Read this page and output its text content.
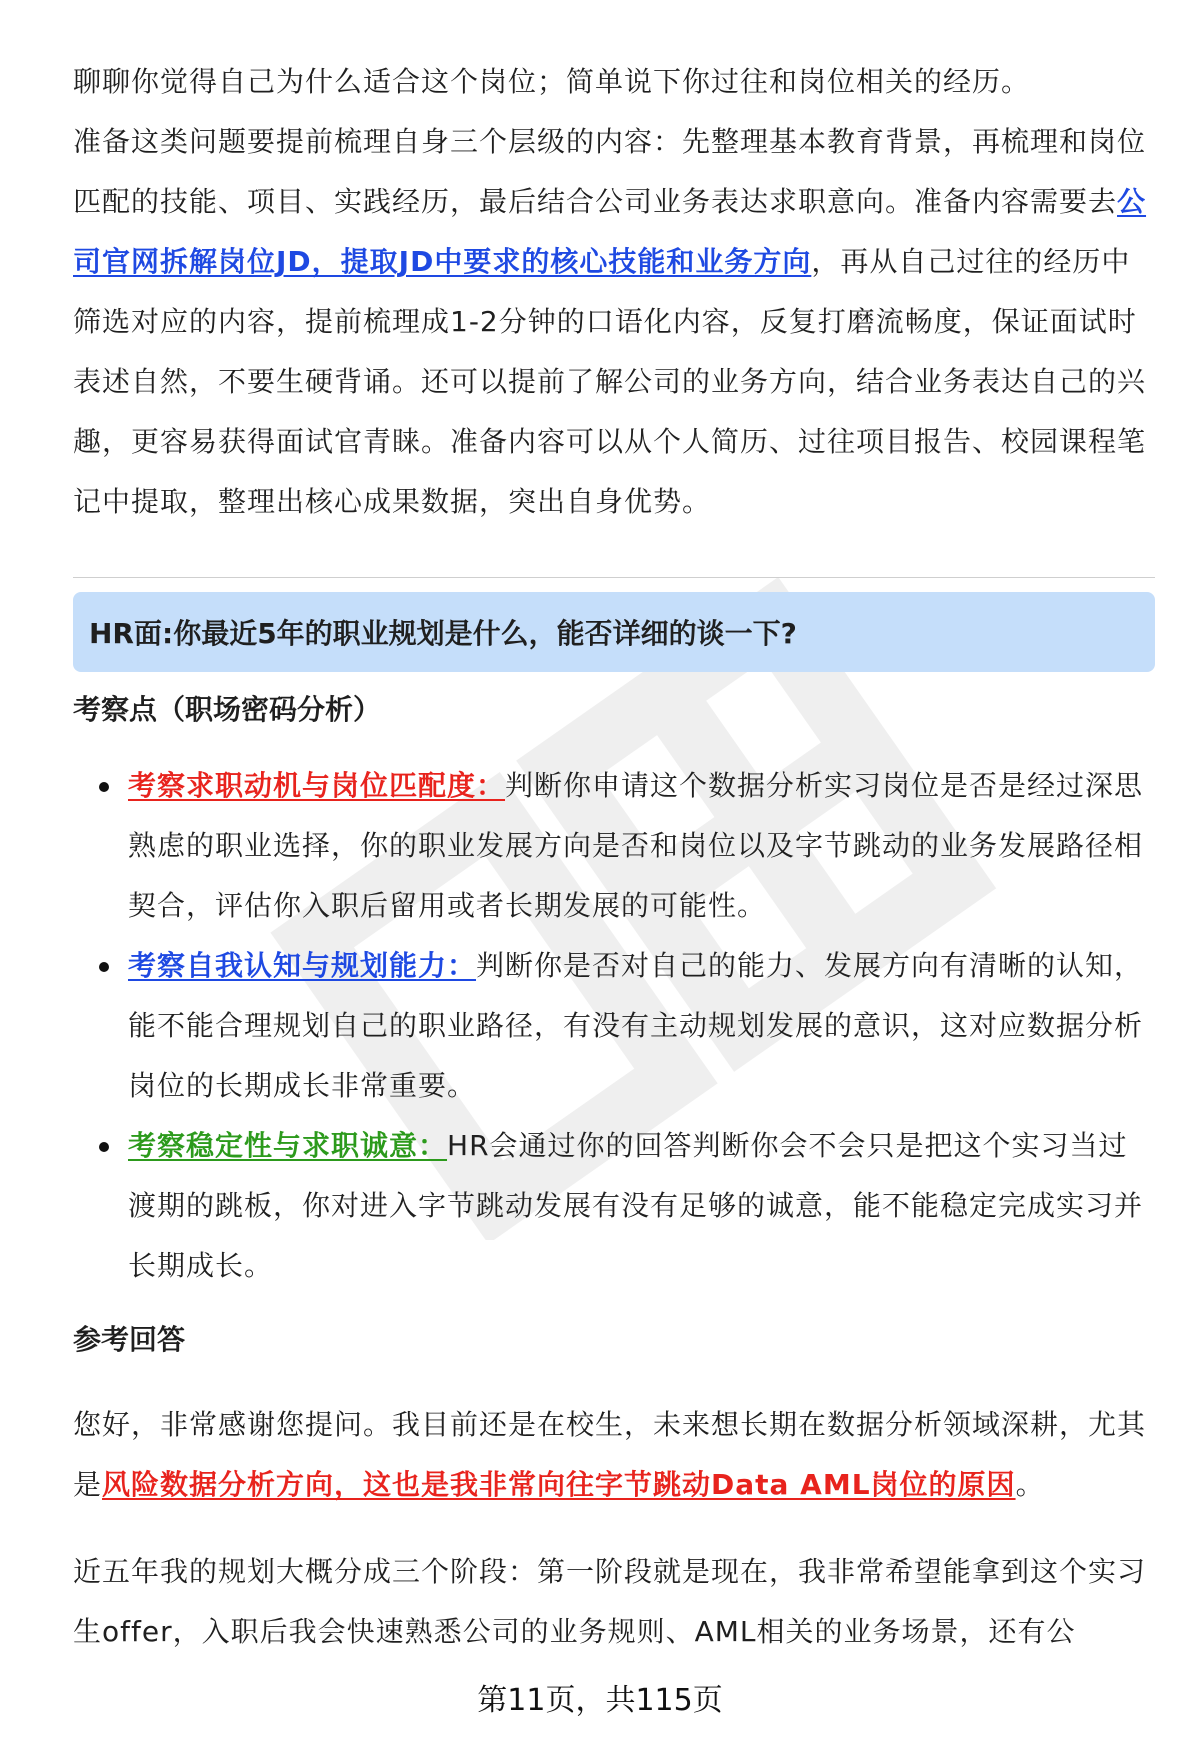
聊聊你觉得自己为什么适合这个岗位；简单说下你过往和岗位相关的经历。

准备这类问题要提前梳理自身三个层级的内容：先整理基本教育背景，再梳理和岗位匹配的技能、项目、实践经历，最后结合公司业务表达求职意向。准备内容需要去公司官网拆解岗位JD，提取JD中要求的核心技能和业务方向，再从自己过往的经历中筛选对应的内容，提前梳理成1-2分钟的口语化内容，反复打磨流畅度，保证面试时表述自然，不要生硬背诵。还可以提前了解公司的业务方向，结合业务表达自己的兴趣，更容易获得面试官青睐。准备内容可以从个人简历、过往项目报告、校园课程笔记中提取，整理出核心成果数据，突出自身优势。

HR面:你最近5年的职业规划是什么，能否详细的谈一下?

考察点（职场密码分析）

考察求职动机与岗位匹配度：判断你申请这个数据分析实习岗位是否是经过深思熟虑的职业选择，你的职业发展方向是否和岗位以及字节跳动的业务发展路径相契合，评估你入职后留用或者长期发展的可能性。
考察自我认知与规划能力：判断你是否对自己的能力、发展方向有清晰的认知，能不能合理规划自己的职业路径，有没有主动规划发展的意识，这对应数据分析岗位的长期成长非常重要。
考察稳定性与求职诚意：HR会通过你的回答判断你会不会只是把这个实习当过渡期的跳板，你对进入字节跳动发展有没有足够的诚意，能不能稳定完成实习并长期成长。

参考回答

您好，非常感谢您提问。我目前还是在校生，未来想长期在数据分析领域深耕，尤其是风险数据分析方向，这也是我非常向往字节跳动Data AML岗位的原因。

近五年我的规划大概分成三个阶段：第一阶段就是现在，我非常希望能拿到这个实习生offer，入职后我会快速熟悉公司的业务规则、AML相关的业务场景，还有公

第11页，共115页
